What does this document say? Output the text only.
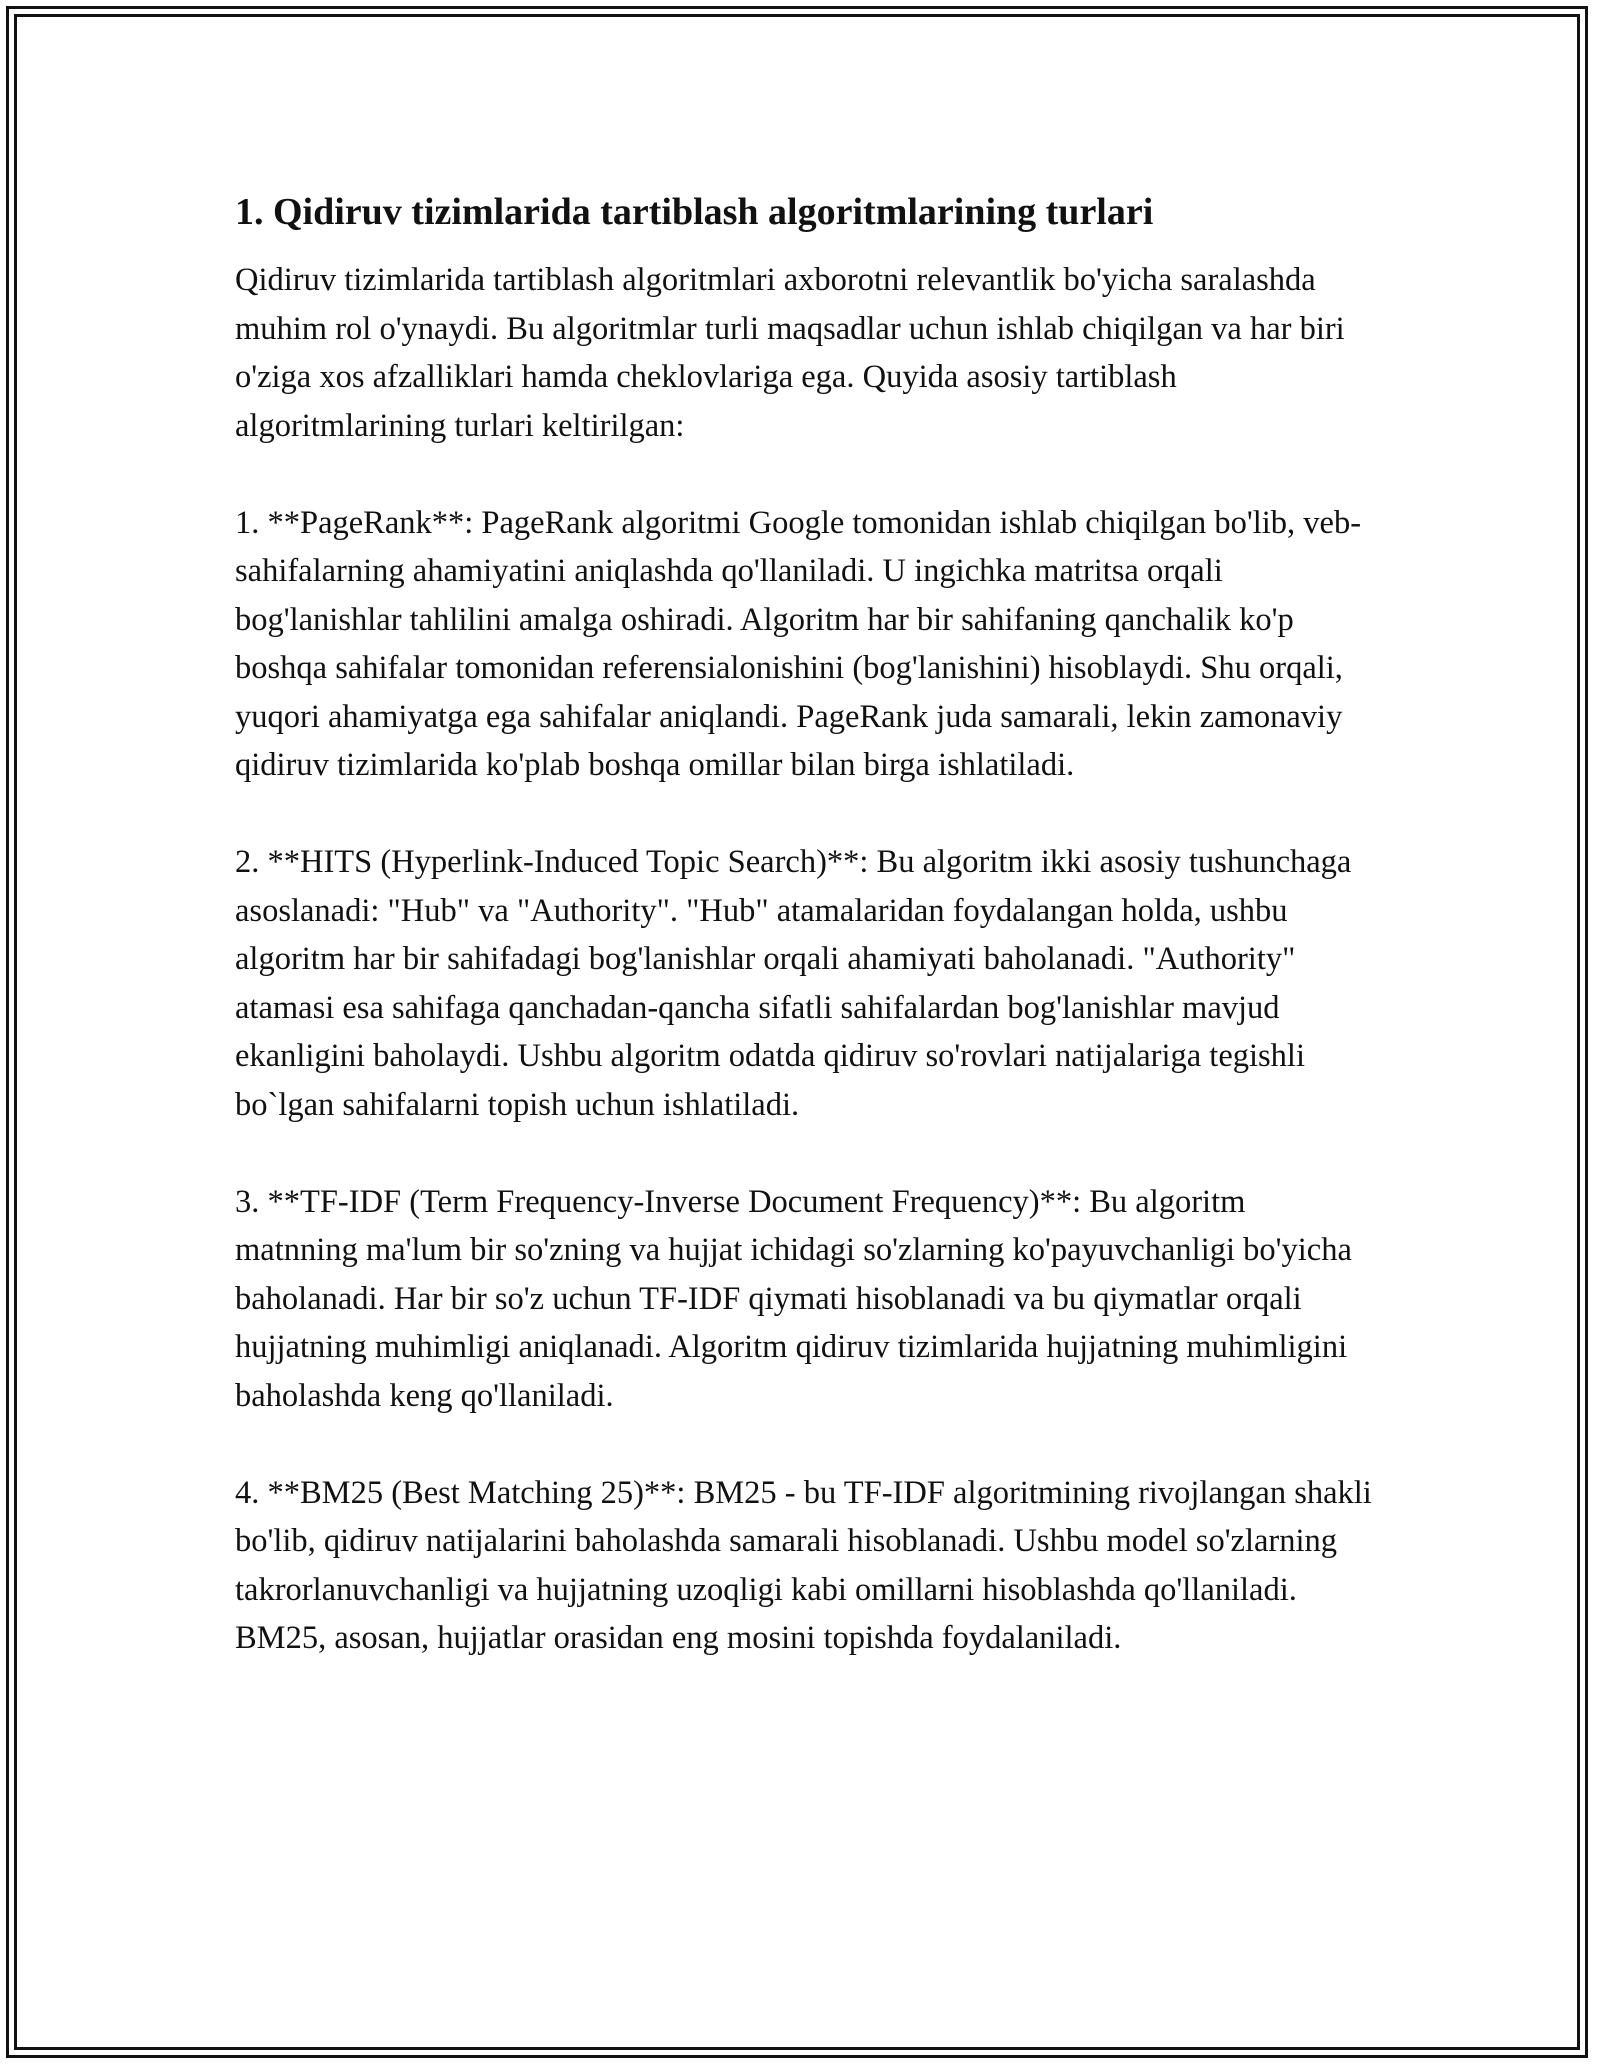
1. Qidiruv tizimlarida tartiblash algoritmlarining turlari

Qidiruv tizimlarida tartiblash algoritmlari axborotni relevantlik bo'yicha saralashda muhim rol o'ynaydi. Bu algoritmlar turli maqsadlar uchun ishlab chiqilgan va har biri o'ziga xos afzalliklari hamda cheklovlariga ega. Quyida asosiy tartiblash algoritmlarining turlari keltirilgan:

1. **PageRank**: PageRank algoritmi Google tomonidan ishlab chiqilgan bo'lib, veb-sahifalarning ahamiyatini aniqlashda qo'llaniladi. U ingichka matritsa orqali bog'lanishlar tahlilini amalga oshiradi. Algoritm har bir sahifaning qanchalik ko'p boshqa sahifalar tomonidan referensialonishini (bog'lanishini) hisoblaydi. Shu orqali, yuqori ahamiyatga ega sahifalar aniqlandi. PageRank juda samarali, lekin zamonaviy qidiruv tizimlarida ko'plab boshqa omillar bilan birga ishlatiladi.

2. **HITS (Hyperlink-Induced Topic Search)**: Bu algoritm ikki asosiy tushunchaga asoslanadi: "Hub" va "Authority". "Hub" atamalaridan foydalangan holda, ushbu algoritm har bir sahifadagi bog'lanishlar orqali ahamiyati baholanadi. "Authority" atamasi esa sahifaga qanchadan-qancha sifatli sahifalardan bog'lanishlar mavjud ekanligini baholaydi. Ushbu algoritm odatda qidiruv so'rovlari natijalariga tegishli bo`lgan sahifalarni topish uchun ishlatiladi.

3. **TF-IDF (Term Frequency-Inverse Document Frequency)**: Bu algoritm matnning ma'lum bir so'zning va hujjat ichidagi so'zlarning ko'payuvchanligi bo'yicha baholanadi. Har bir so'z uchun TF-IDF qiymati hisoblanadi va bu qiymatlar orqali hujjatning muhimligi aniqlanadi. Algoritm qidiruv tizimlarida hujjatning muhimligini baholashda keng qo'llaniladi.

4. **BM25 (Best Matching 25)**: BM25 - bu TF-IDF algoritmining rivojlangan shakli bo'lib, qidiruv natijalarini baholashda samarali hisoblanadi. Ushbu model so'zlarning takrorlanuvchanligi va hujjatning uzoqligi kabi omillarni hisoblashda qo'llaniladi. BM25, asosan, hujjatlar orasidan eng mosini topishda foydalaniladi.
